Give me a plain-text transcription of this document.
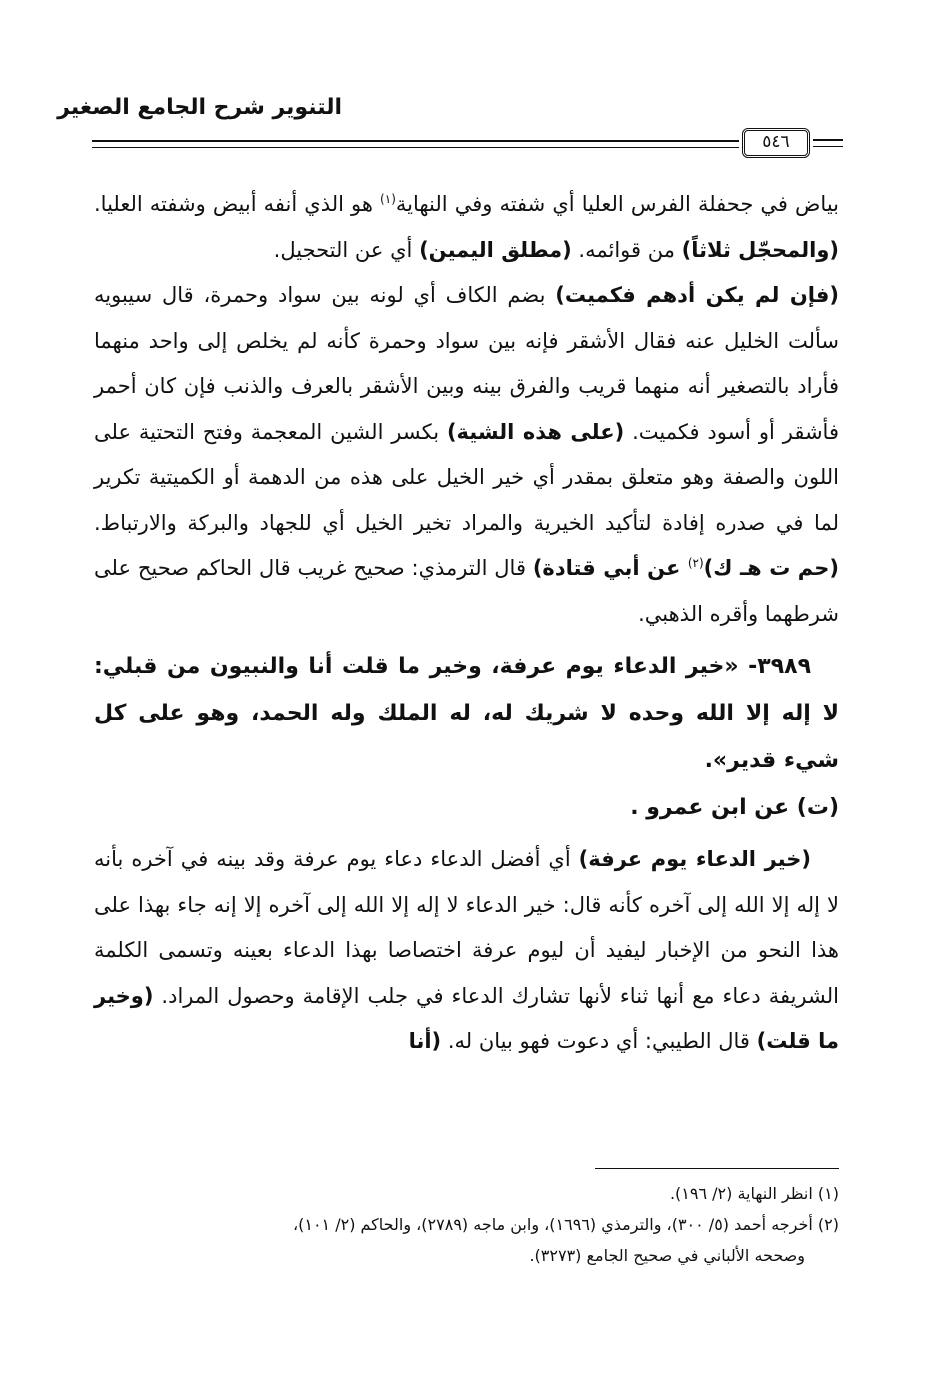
التنوير شرح الجامع الصغير
٥٤٦

بياض في جحفلة الفرس العليا أي شفته وفي النهاية$^{(١)}$ هو الذي أنفه أبيض وشفته العليا. (والمحجّل ثلاثاً) من قوائمه. (مطلق اليمين) أي عن التحجيل.

(فإن لم يكن أدهم فكميت) بضم الكاف أي لونه بين سواد وحمرة، قال سيبويه سألت الخليل عنه فقال الأشقر فإنه بين سواد وحمرة كأنه لم يخلص إلى واحد منهما فأراد بالتصغير أنه منهما قريب والفرق بينه وبين الأشقر بالعرف والذنب فإن كان أحمر فأشقر أو أسود فكميت. (على هذه الشية) بكسر الشين المعجمة وفتح التحتية على اللون والصفة وهو متعلق بمقدر أي خير الخيل على هذه من الدهمة أو الكميتية تكرير لما في صدره إفادة لتأكيد الخيرية والمراد تخير الخيل أي للجهاد والبركة والارتباط. (حم ت هـ ك)$^{(٢)}$ عن أبي قتادة) قال الترمذي: صحيح غريب قال الحاكم صحيح على شرطهما وأقره الذهبي.

٣٩٨٩- «خير الدعاء يوم عرفة، وخير ما قلت أنا والنبيون من قبلي: لا إله إلا الله وحده لا شريك له، له الملك وله الحمد، وهو على كل شيء قدير».

(ت) عن ابن عمرو .

(خير الدعاء يوم عرفة) أي أفضل الدعاء دعاء يوم عرفة وقد بينه في آخره بأنه لا إله إلا الله إلى آخره كأنه قال: خير الدعاء لا إله إلا الله إلى آخره إلا إنه جاء بهذا على هذا النحو من الإخبار ليفيد أن ليوم عرفة اختصاصا بهذا الدعاء بعينه وتسمى الكلمة الشريفة دعاء مع أنها ثناء لأنها تشارك الدعاء في جلب الإقامة وحصول المراد. (وخير ما قلت) قال الطيبي: أي دعوت فهو بيان له. (أنا

(١) انظر النهاية (٢/ ١٩٦).

(٢) أخرجه أحمد (٥/ ٣٠٠)، والترمذي (١٦٩٦)، وابن ماجه (٢٧٨٩)، والحاكم (٢/ ١٠١)،

وصححه الألباني في صحيح الجامع (٣٢٧٣).
